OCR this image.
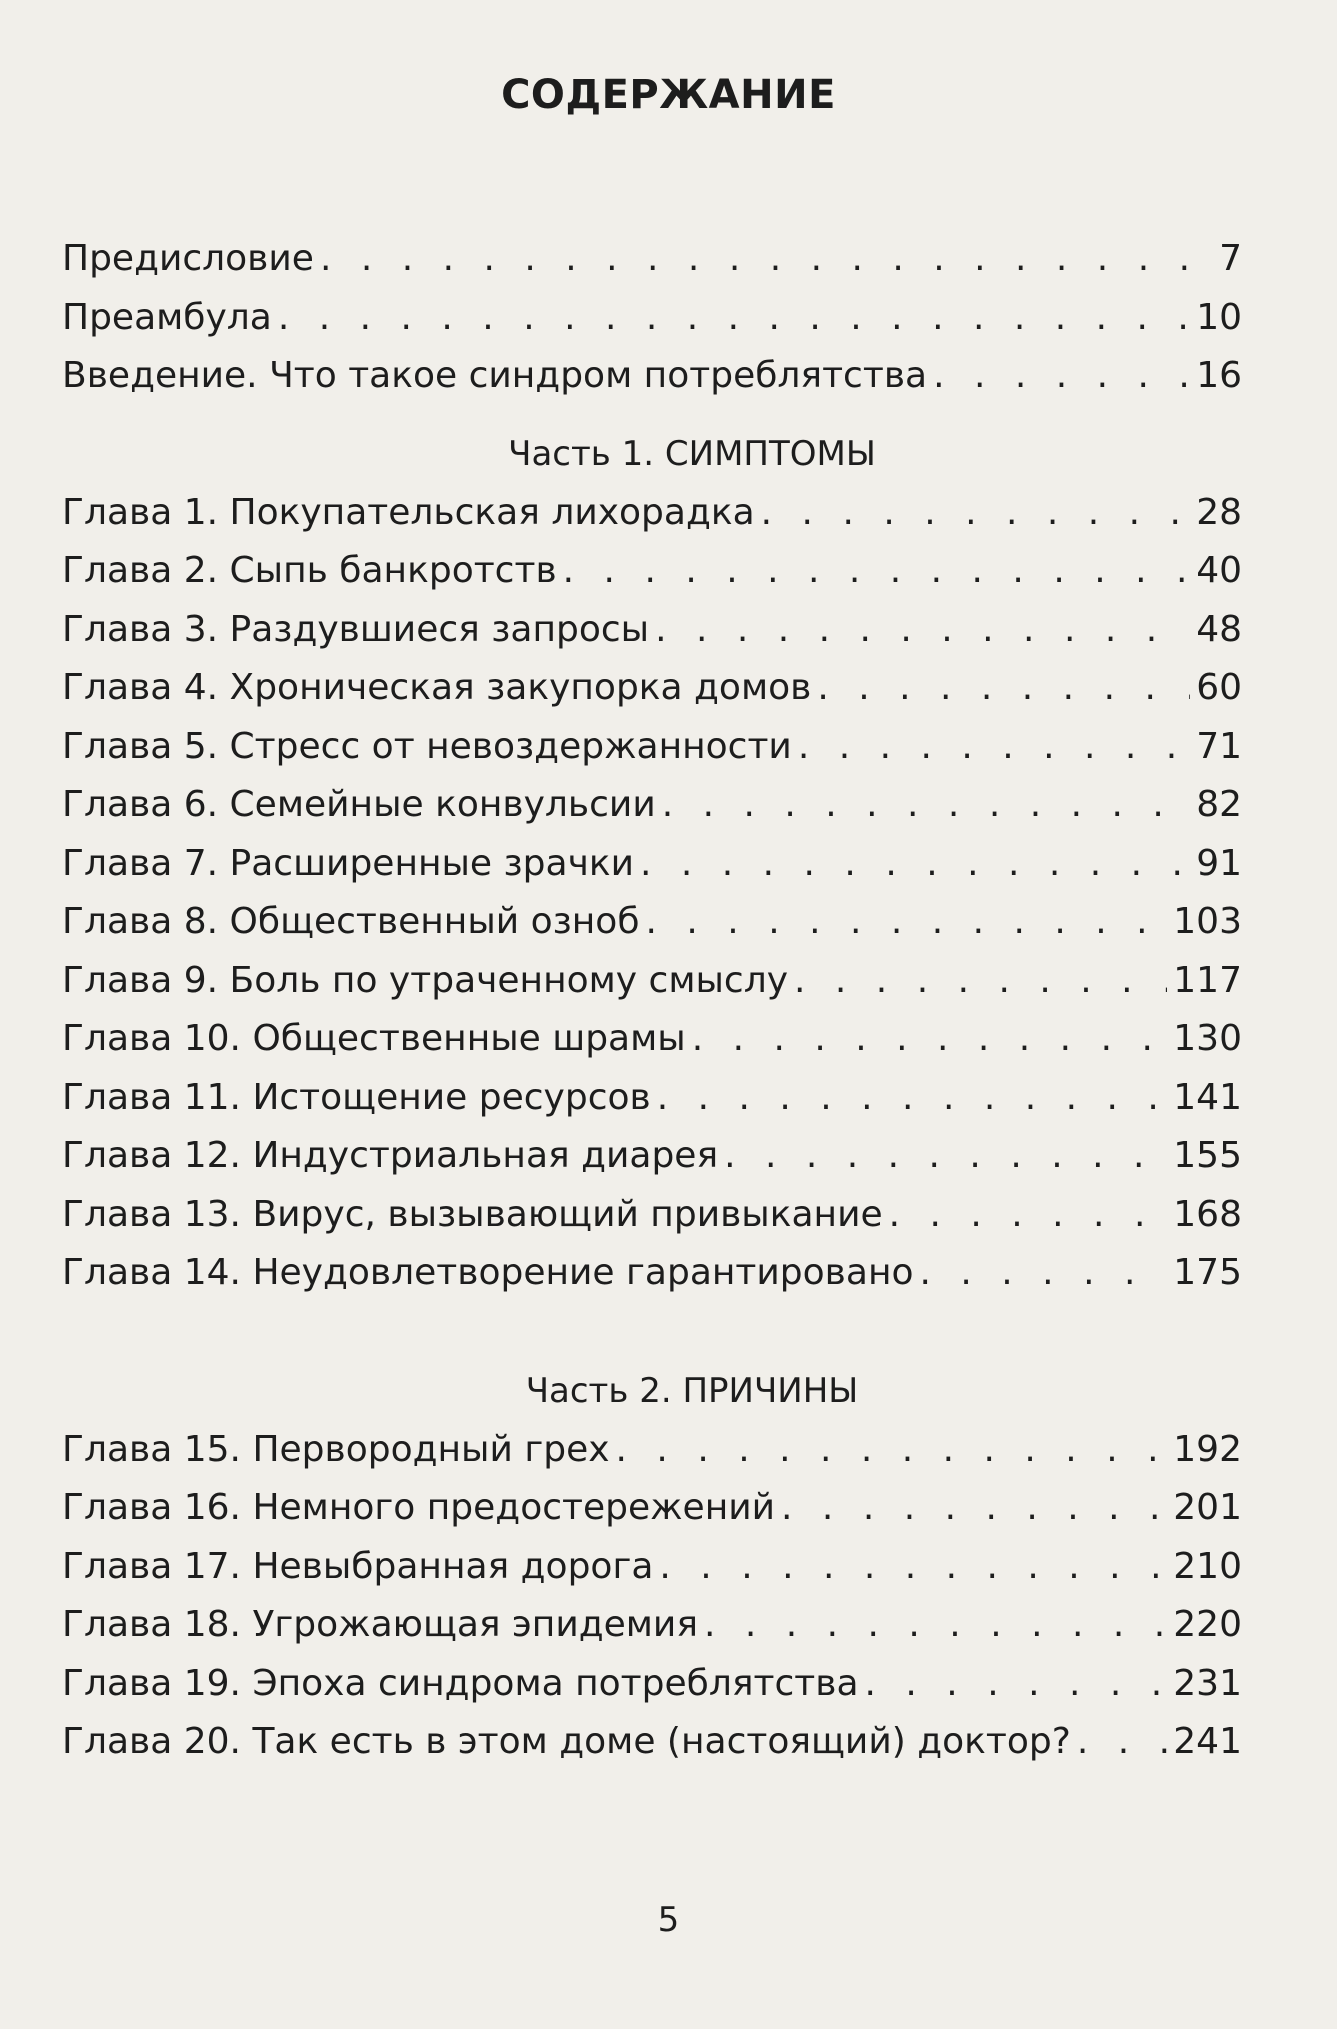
СОДЕРЖАНИЕ
Предисловие . . .	7
Преамбула . . .	10
Введение. Что такое синдром потреблятства . . .	16
Часть 1. СИМПТОМЫ
Глава 1. Покупательская лихорадка . . .	28
Глава 2. Сыпь банкротств . . .	40
Глава 3. Раздувшиеся запросы . . .	48
Глава 4. Хроническая закупорка домов . . .	60
Глава 5. Стресс от невоздержанности . . .	71
Глава 6. Семейные конвульсии . . .	82
Глава 7. Расширенные зрачки . . .	91
Глава 8. Общественный озноб . . .	103
Глава 9. Боль по утраченному смыслу . . .	117
Глава 10. Общественные шрамы . . .	130
Глава 11. Истощение ресурсов . . .	141
Глава 12. Индустриальная диарея . . .	155
Глава 13. Вирус, вызывающий привыкание . . .	168
Глава 14. Неудовлетворение гарантировано . . .	175
Часть 2. ПРИЧИНЫ
Глава 15. Первородный грех . . .	192
Глава 16. Немного предостережений . . .	201
Глава 17. Невыбранная дорога . . .	210
Глава 18. Угрожающая эпидемия . . .	220
Глава 19. Эпоха синдрома потреблятства . . .	231
Глава 20. Так есть в этом доме (настоящий) доктор? . . .	241
5
